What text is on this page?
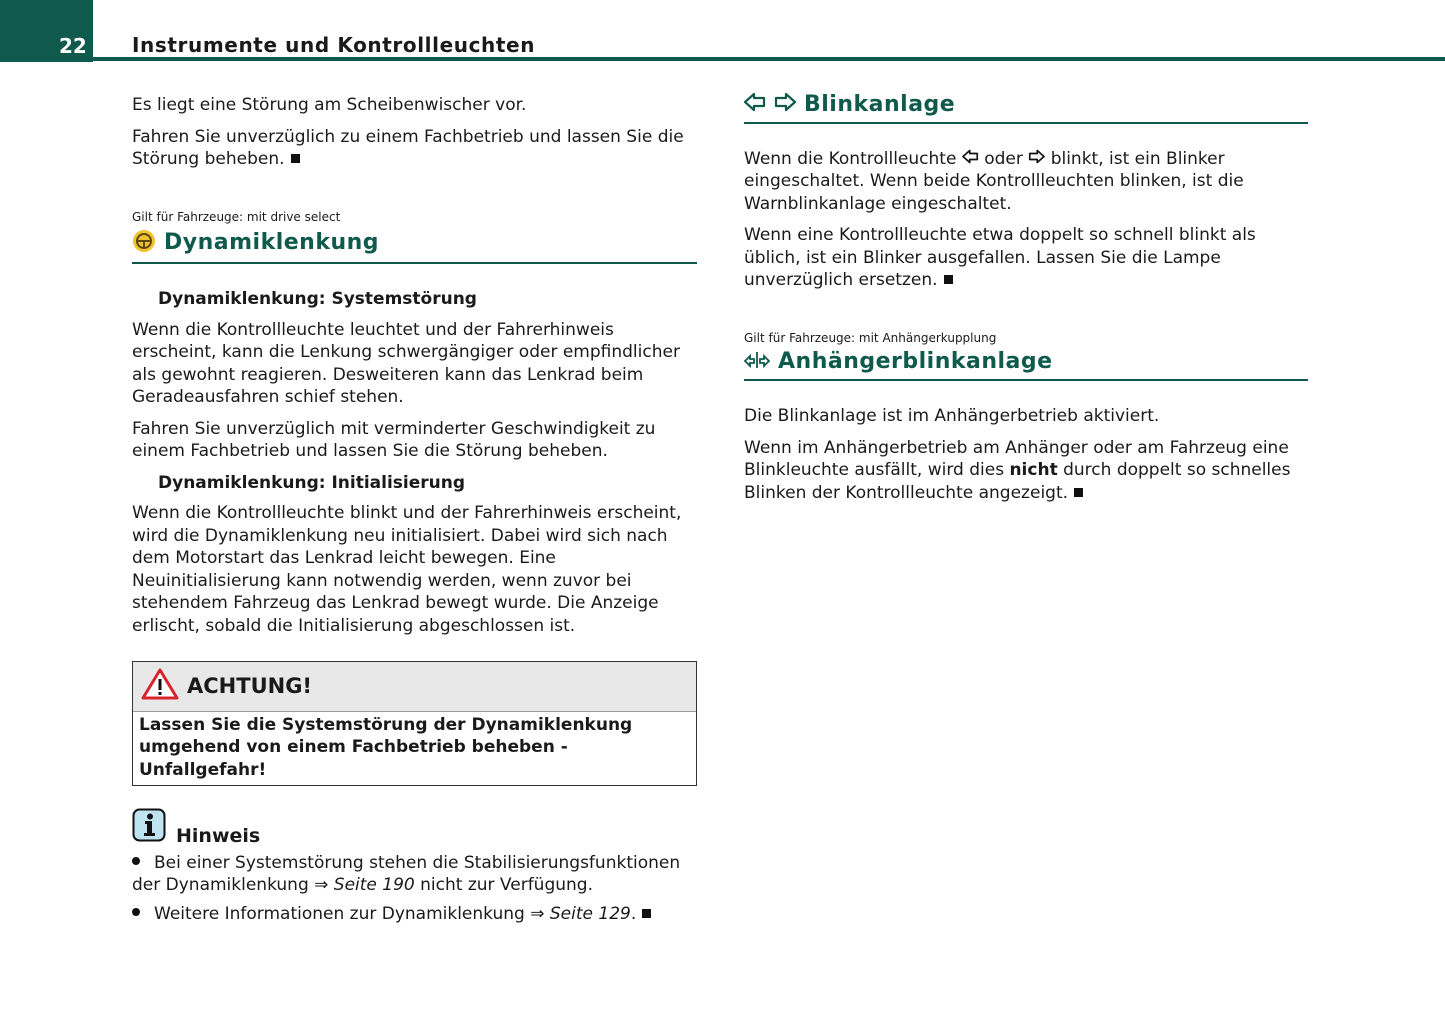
22 Instrumente und Kontrollleuchten

Es liegt eine Störung am Scheibenwischer vor.

Fahren Sie unverzüglich zu einem Fachbetrieb und lassen Sie die Störung beheben.

Gilt für Fahrzeuge: mit drive select
Dynamiklenkung
Dynamiklenkung: Systemstörung

Wenn die Kontrollleuchte leuchtet und der Fahrerhinweis erscheint, kann die Lenkung schwergängiger oder empfindlicher als gewohnt reagieren. Desweiteren kann das Lenkrad beim Geradeausfahren schief stehen.

Fahren Sie unverzüglich mit verminderter Geschwindigkeit zu einem Fachbetrieb und lassen Sie die Störung beheben.

Dynamiklenkung: Initialisierung

Wenn die Kontrollleuchte blinkt und der Fahrerhinweis erscheint, wird die Dynamiklenkung neu initialisiert. Dabei wird sich nach dem Motorstart das Lenkrad leicht bewegen. Eine Neuinitialisierung kann notwendig werden, wenn zuvor bei stehendem Fahrzeug das Lenkrad bewegt wurde. Die Anzeige erlischt, sobald die Initialisierung abgeschlossen ist.

ACHTUNG!
Lassen Sie die Systemstörung der Dynamiklenkung umgehend von einem Fachbetrieb beheben - Unfallgefahr!
Hinweis

Bei einer Systemstörung stehen die Stabilisierungsfunktionen der Dynamiklenkung ⇒ Seite 190 nicht zur Verfügung.

Weitere Informationen zur Dynamiklenkung ⇒ Seite 129.

Blinkanlage

Wenn die Kontrollleuchte oder blinkt, ist ein Blinker eingeschaltet. Wenn beide Kontrollleuchten blinken, ist die Warnblinkanlage eingeschaltet.

Wenn eine Kontrollleuchte etwa doppelt so schnell blinkt als üblich, ist ein Blinker ausgefallen. Lassen Sie die Lampe unverzüglich ersetzen.

Gilt für Fahrzeuge: mit Anhängerkupplung
Anhängerblinkanlage

Die Blinkanlage ist im Anhängerbetrieb aktiviert.

Wenn im Anhängerbetrieb am Anhänger oder am Fahrzeug eine Blinkleuchte ausfällt, wird dies nicht durch doppelt so schnelles Blinken der Kontrollleuchte angezeigt.
